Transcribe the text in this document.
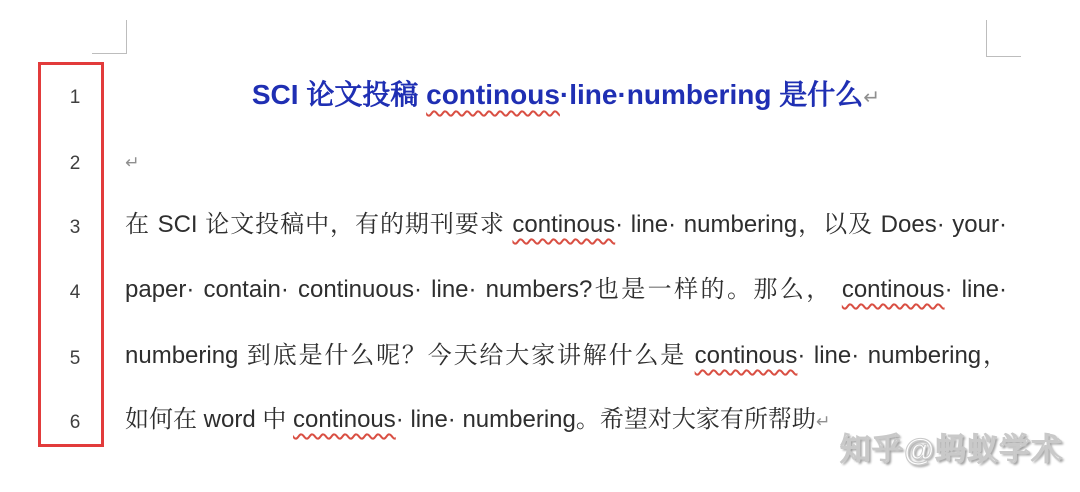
1
2
3
4
5
6
SCI 论文投稿 continous·line·numbering 是什么↵
↵
在 SCI 论文投稿中，有的期刊要求 continous· line· numbering，以及 Does· your·
paper· contain· continuous· line· numbers?也是一样的。那么， continous· line·
numbering 到底是什么呢？今天给大家讲解什么是 continous· line· numbering，
如何在 word 中 continous· line· numbering。希望对大家有所帮助↵
知乎@蚂蚁学术
